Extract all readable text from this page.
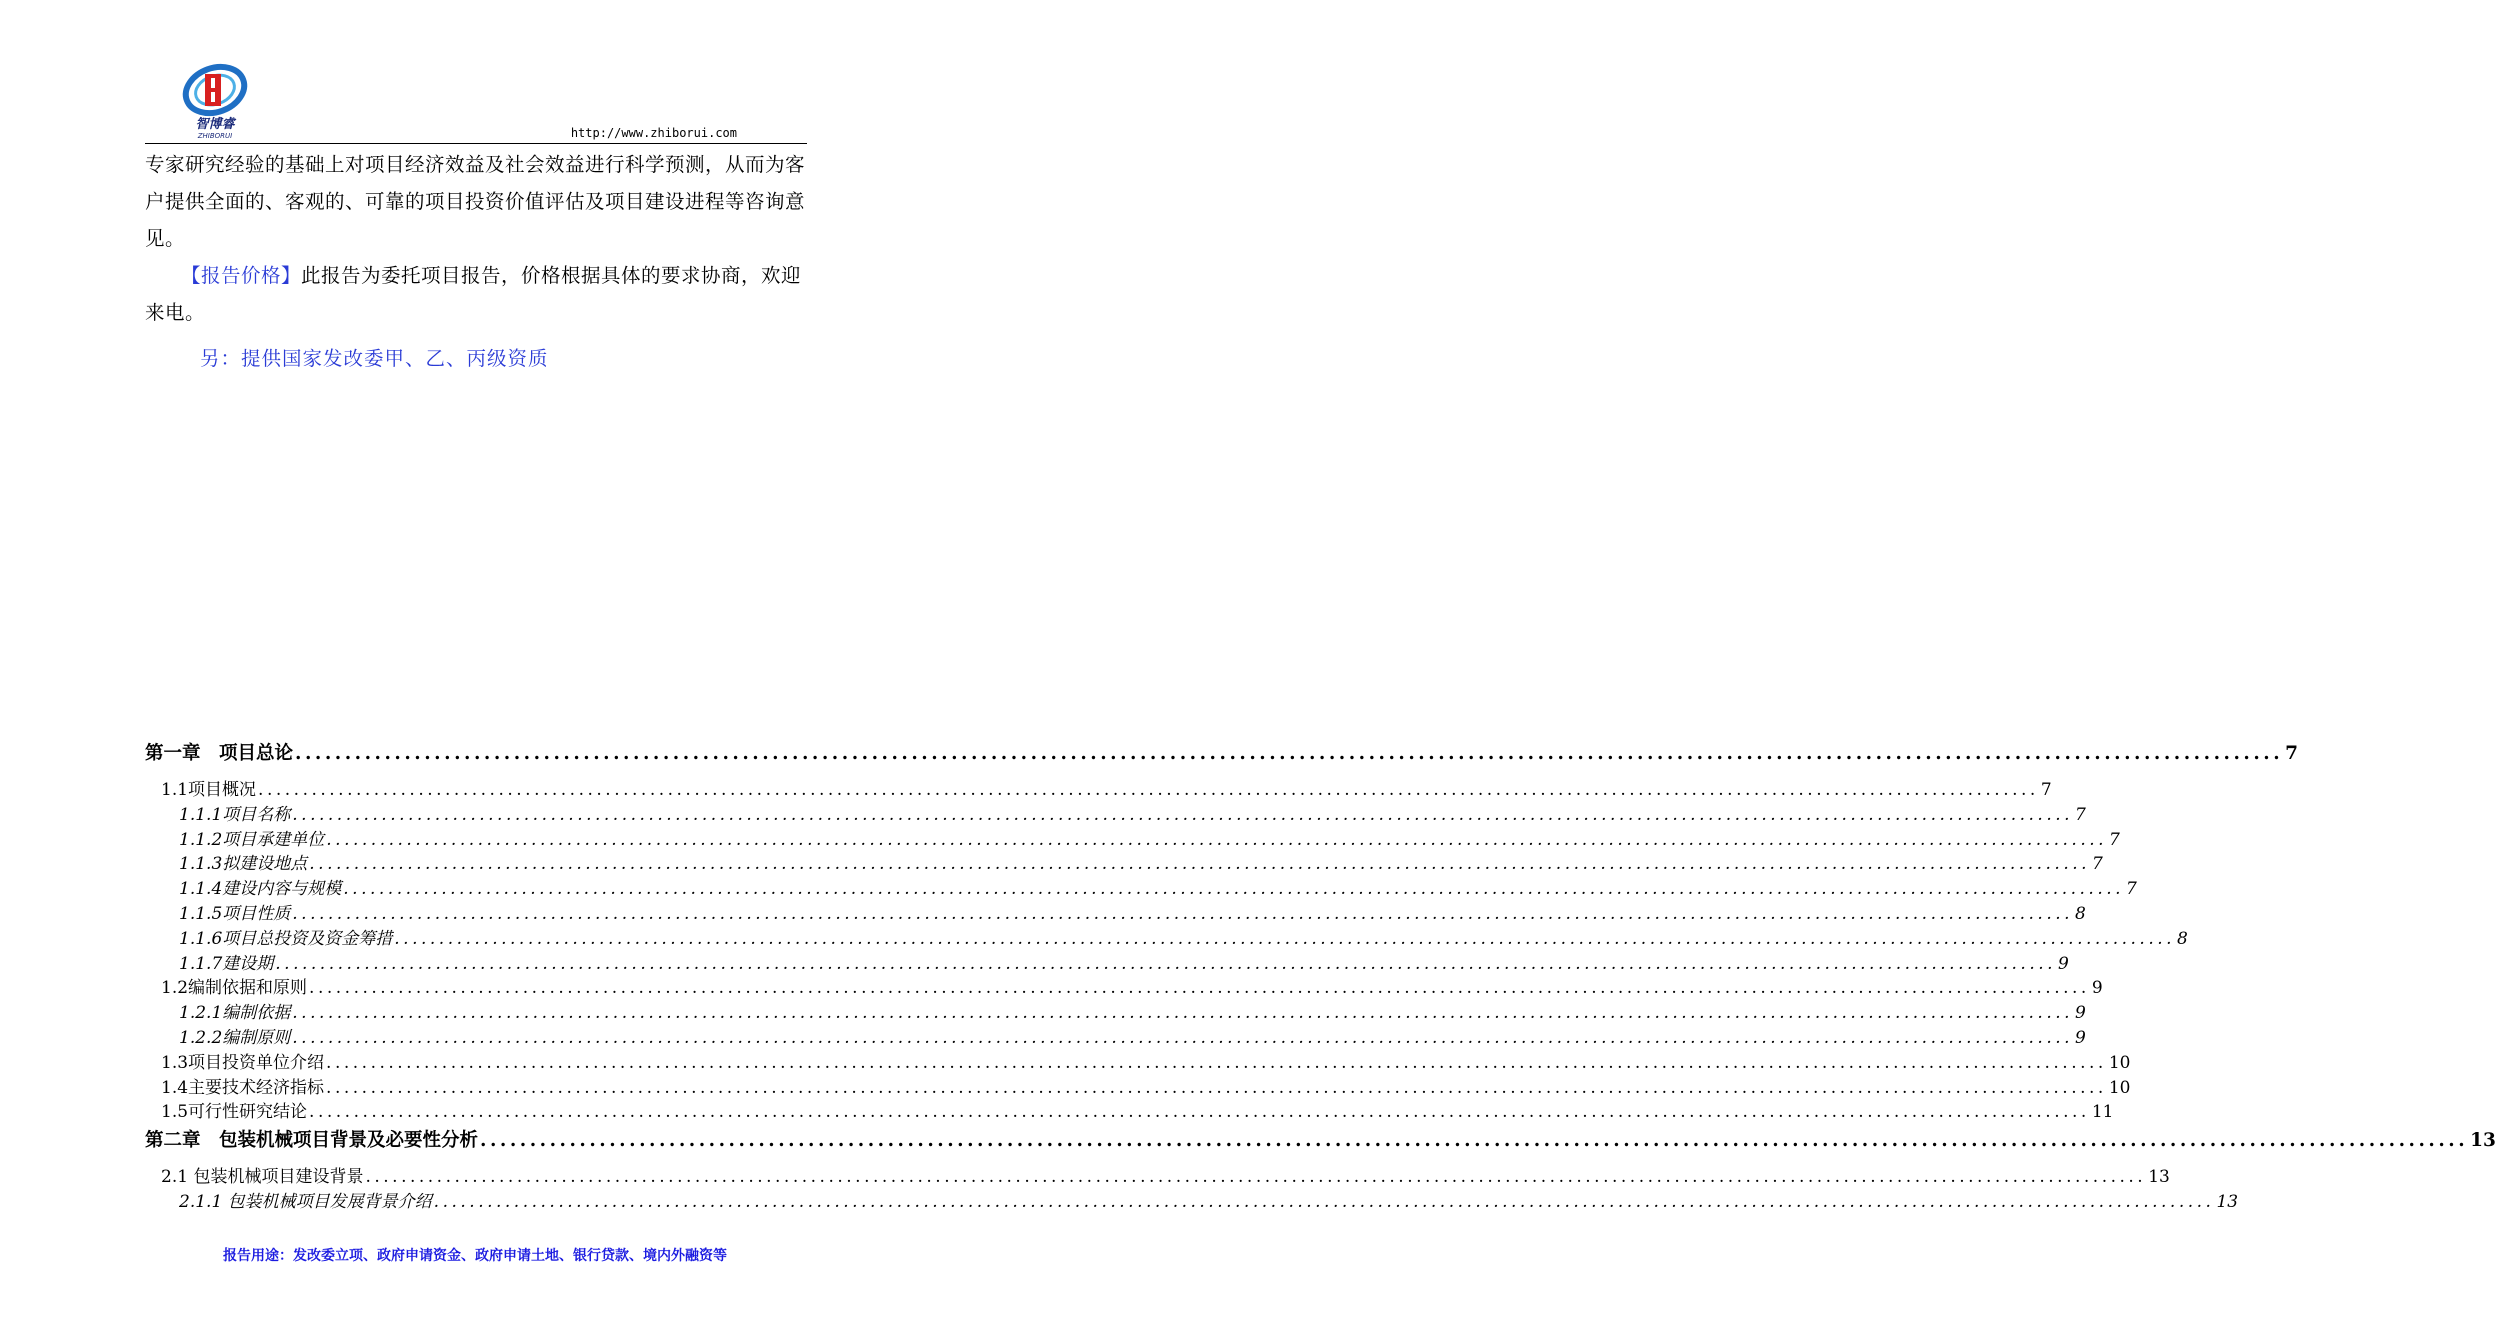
智博睿
ZHIBORUI	http://www.zhiborui.com
专家研究经验的基础上对项目经济效益及社会效益进行科学预测，从而为客户提供全面的、客观的、可靠的项目投资价值评估及项目建设进程等咨询意见。
【报告价格】此报告为委托项目报告，价格根据具体的要求协商，欢迎来电。
另：提供国家发改委甲、乙、丙级资质
第一章　项目总论 ........................................................................................................................................................................................................ 7
1.1项目概况 ........................................................................................................................................................................................................ 7
1.1.1项目名称 ........................................................................................................................................................................................................ 7
1.1.2项目承建单位 ........................................................................................................................................................................................................ 7
1.1.3拟建设地点 ........................................................................................................................................................................................................ 7
1.1.4建设内容与规模 ........................................................................................................................................................................................................ 7
1.1.5项目性质 ........................................................................................................................................................................................................ 8
1.1.6项目总投资及资金筹措 ........................................................................................................................................................................................................ 8
1.1.7建设期 ........................................................................................................................................................................................................ 9
1.2编制依据和原则 ........................................................................................................................................................................................................ 9
1.2.1编制依据 ........................................................................................................................................................................................................ 9
1.2.2编制原则 ........................................................................................................................................................................................................ 9
1.3项目投资单位介绍 ........................................................................................................................................................................................................ 10
1.4主要技术经济指标 ........................................................................................................................................................................................................ 10
1.5可行性研究结论 ........................................................................................................................................................................................................ 11
第二章　包装机械项目背景及必要性分析 ........................................................................................................................................................................................................ 13
2.1 包装机械项目建设背景 ........................................................................................................................................................................................................ 13
2.1.1 包装机械项目发展背景介绍 ........................................................................................................................................................................................................ 13
报告用途：发改委立项、政府申请资金、政府申请土地、银行贷款、境内外融资等
